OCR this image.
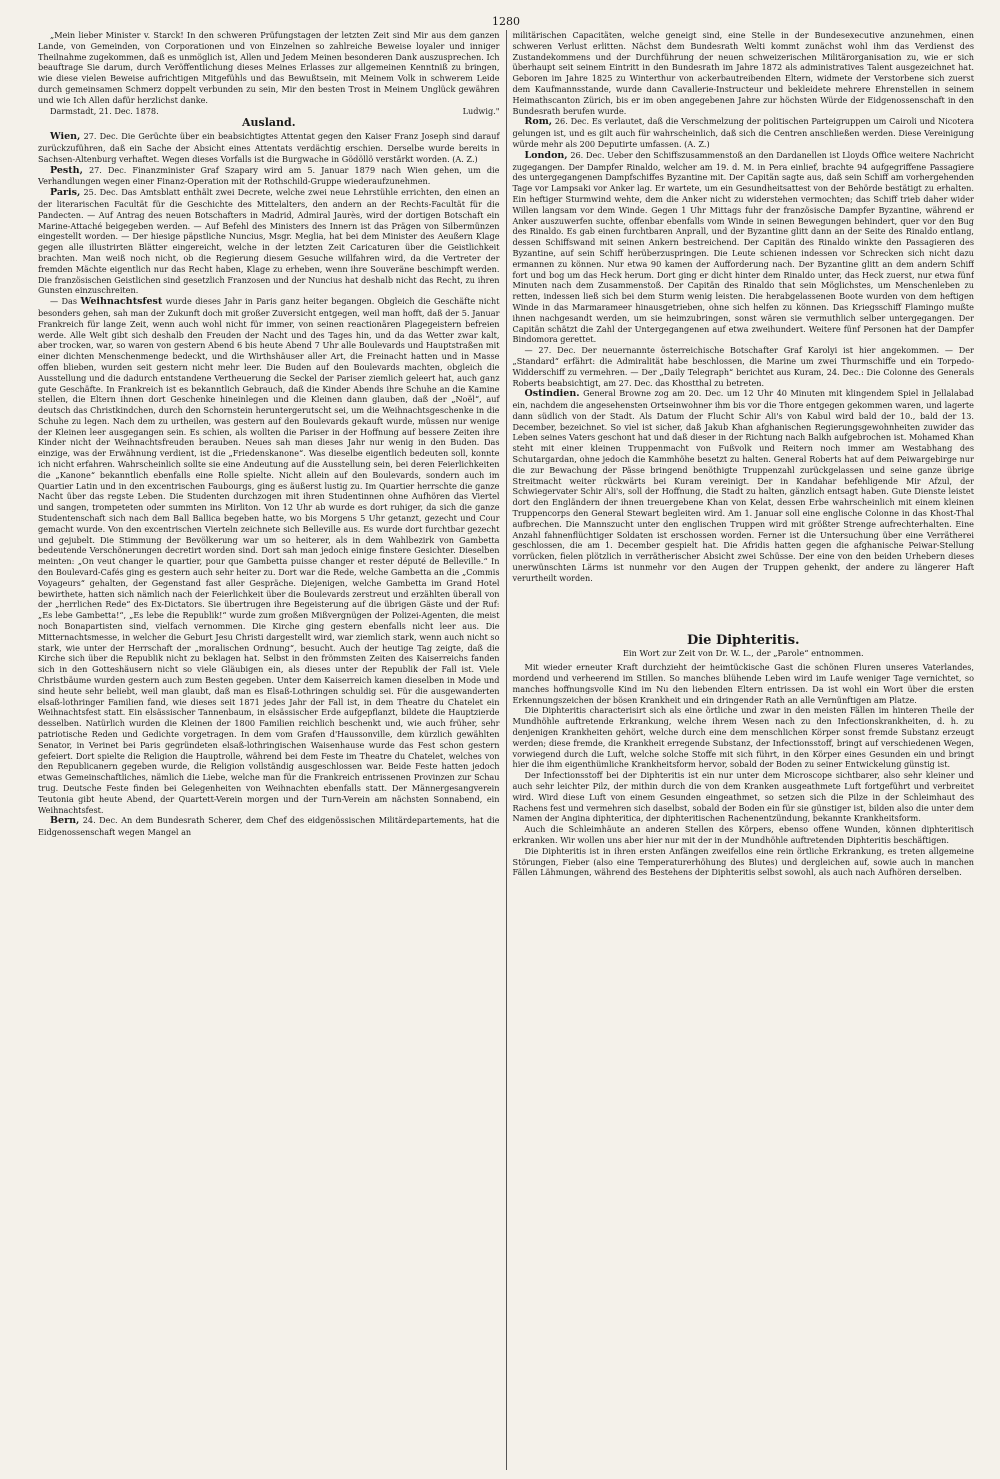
1280

„Mein lieber Minister v. Starck! In den schweren Prüfungstagen der letzten Zeit sind Mir aus dem ganzen Lande, von Gemeinden, von Corporationen und von Einzelnen so zahlreiche Beweise loyaler und inniger Theilnahme zugekommen, daß es unmöglich ist, Allen und Jedem Meinen besonderen Dank auszusprechen. Ich beauftrage Sie darum, durch Veröffentlichung dieses Meines Erlasses zur allgemeinen Kenntniß zu bringen, wie diese vielen Beweise aufrichtigen Mitgefühls und das Bewußtsein, mit Meinem Volk in schwerem Leide durch gemeinsamen Schmerz doppelt verbunden zu sein, Mir den besten Trost in Meinem Unglück gewähren und wie Ich Allen dafür herzlichst danke.

Darmstadt, 21. Dec. 1878.	Ludwig."
Ausland.

Wien, 27. Dec. Die Gerüchte über ein beabsichtigtes Attentat gegen den Kaiser Franz Joseph sind darauf zurückzuführen, daß ein Sache der Absicht eines Attentats verdächtig erschien. Derselbe wurde bereits in Sachsen-Altenburg verhaftet. Wegen dieses Vorfalls ist die Burgwache in Gödöllö verstärkt worden. (A. Z.)

Pesth, 27. Dec. Finanzminister Graf Szapary wird am 5. Januar 1879 nach Wien gehen, um die Verhandlungen wegen einer Finanz-Operation mit der Rothschild-Gruppe wiederaufzunehmen.

Paris, 25. Dec. Das Amtsblatt enthält zwei Decrete, welche zwei neue Lehrstühle errichten, den einen an der literarischen Facultät für die Geschichte des Mittelalters, den andern an der Rechts-Facultät für die Pandecten. — Auf Antrag des neuen Botschafters in Madrid, Admiral Jaurès, wird der dortigen Botschaft ein Marine-Attaché beigegeben werden. — Auf Befehl des Ministers des Innern ist das Prägen von Silbermünzen eingestellt worden. — Der hiesige päpstliche Nuncius, Msgr. Meglia, hat bei dem Minister des Aeußern Klage gegen alle illustrirten Blätter eingereicht, welche in der letzten Zeit Caricaturen über die Geistlichkeit brachten. Man weiß noch nicht, ob die Regierung diesem Gesuche willfahren wird, da die Vertreter der fremden Mächte eigentlich nur das Recht haben, Klage zu erheben, wenn ihre Souveräne beschimpft werden. Die französischen Geistlichen sind gesetzlich Franzosen und der Nuncius hat deshalb nicht das Recht, zu ihren Gunsten einzuschreiten.

— Das Weihnachtsfest wurde dieses Jahr in Paris ganz heiter begangen. Obgleich die Geschäfte nicht besonders gehen, sah man der Zukunft doch mit großer Zuversicht entgegen, weil man hofft, daß der 5. Januar Frankreich für lange Zeit, wenn auch wohl nicht für immer, von seinen reactionären Plagegeistern befreien werde. Alle Welt gibt sich deshalb den Freuden der Nacht und des Tages hin, und da das Wetter zwar kalt, aber trocken, war, so waren von gestern Abend 6 bis heute Abend 7 Uhr alle Boulevards und Hauptstraßen mit einer dichten Menschenmenge bedeckt, und die Wirthshäuser aller Art, die Freinacht hatten und in Masse offen blieben, wurden seit gestern nicht mehr leer. Die Buden auf den Boulevards machten, obgleich die Ausstellung und die dadurch entstandene Vertheuerung die Seckel der Pariser ziemlich geleert hat, auch ganz gute Geschäfte. In Frankreich ist es bekanntlich Gebrauch, daß die Kinder Abends ihre Schuhe an die Kamine stellen, die Eltern ihnen dort Geschenke hineinlegen und die Kleinen dann glauben, daß der „Noël“, auf deutsch das Christkindchen, durch den Schornstein heruntergerutscht sei, um die Weihnachtsgeschenke in die Schuhe zu legen. Nach dem zu urtheilen, was gestern auf den Boulevards gekauft wurde, müssen nur wenige der Kleinen leer ausgegangen sein. Es schien, als wollten die Pariser in der Hoffnung auf bessere Zeiten ihre Kinder nicht der Weihnachtsfreuden berauben. Neues sah man dieses Jahr nur wenig in den Buden. Das einzige, was der Erwähnung verdient, ist die „Friedenskanone“. Was dieselbe eigentlich bedeuten soll, konnte ich nicht erfahren. Wahrscheinlich sollte sie eine Andeutung auf die Ausstellung sein, bei deren Feierlichkeiten die „Kanone“ bekanntlich ebenfalls eine Rolle spielte. Nicht allein auf den Boulevards, sondern auch im Quartier Latin und in den excentrischen Faubourgs, ging es äußerst lustig zu. Im Quartier herrschte die ganze Nacht über das regste Leben. Die Studenten durchzogen mit ihren Studentinnen ohne Aufhören das Viertel und sangen, trompeteten oder summten ins Mirliton. Von 12 Uhr ab wurde es dort ruhiger, da sich die ganze Studentenschaft sich nach dem Ball Ballica begeben hatte, wo bis Morgens 5 Uhr getanzt, gezecht und Cour gemacht wurde. Von den excentrischen Vierteln zeichnete sich Belleville aus. Es wurde dort furchtbar gezecht und gejubelt. Die Stimmung der Bevölkerung war um so heiterer, als in dem Wahlbezirk von Gambetta bedeutende Verschönerungen decretirt worden sind. Dort sah man jedoch einige finstere Gesichter. Dieselben meinten: „On veut changer le quartier, pour que Gambetta puisse changer et rester député de Belleville.“ In den Boulevard-Cafés ging es gestern auch sehr heiter zu. Dort war die Rede, welche Gambetta an die „Commis Voyageurs“ gehalten, der Gegenstand fast aller Gespräche. Diejenigen, welche Gambetta im Grand Hotel bewirthete, hatten sich nämlich nach der Feierlichkeit über die Boulevards zerstreut und erzählten überall von der „herrlichen Rede“ des Ex-Dictators. Sie übertrugen ihre Begeisterung auf die übrigen Gäste und der Ruf: „Es lebe Gambetta!“, „Es lebe die Republik!“ wurde zum großen Mißvergnügen der Polizei-Agenten, die meist noch Bonapartisten sind, vielfach vernommen. Die Kirche ging gestern ebenfalls nicht leer aus. Die Mitternachtsmesse, in welcher die Geburt Jesu Christi dargestellt wird, war ziemlich stark, wenn auch nicht so stark, wie unter der Herrschaft der „moralischen Ordnung“, besucht. Auch der heutige Tag zeigte, daß die Kirche sich über die Republik nicht zu beklagen hat. Selbst in den frömmsten Zeiten des Kaiserreichs fanden sich in den Gotteshäusern nicht so viele Gläubigen ein, als dieses unter der Republik der Fall ist. Viele Christbäume wurden gestern auch zum Besten gegeben. Unter dem Kaiserreich kamen dieselben in Mode und sind heute sehr beliebt, weil man glaubt, daß man es Elsaß-Lothringen schuldig sei. Für die ausgewanderten elsaß-lothringer Familien fand, wie dieses seit 1871 jedes Jahr der Fall ist, in dem Theatre du Chatelet ein Weihnachtsfest statt. Ein elsässischer Tannenbaum, in elsässischer Erde aufgepflanzt, bildete die Hauptzierde desselben. Natürlich wurden die Kleinen der 1800 Familien reichlich beschenkt und, wie auch früher, sehr patriotische Reden und Gedichte vorgetragen. In dem vom Grafen d'Haussonville, dem kürzlich gewählten Senator, in Verinet bei Paris gegründeten elsaß-lothringischen Waisenhause wurde das Fest schon gestern gefeiert. Dort spielte die Religion die Hauptrolle, während bei dem Feste im Theatre du Chatelet, welches von den Republicanern gegeben wurde, die Religion vollständig ausgeschlossen war. Beide Feste hatten jedoch etwas Gemeinschaftliches, nämlich die Liebe, welche man für die Frankreich entrissenen Provinzen zur Schau trug. Deutsche Feste finden bei Gelegenheiten von Weihnachten ebenfalls statt. Der Männergesangverein Teutonia gibt heute Abend, der Quartett-Verein morgen und der Turn-Verein am nächsten Sonnabend, ein Weihnachtsfest.

Bern, 24. Dec. An dem Bundesrath Scherer, dem Chef des eidgenössischen Militärdepartements, hat die Eidgenossenschaft wegen Mangel an

militärischen Capacitäten, welche geneigt sind, eine Stelle in der Bundesexecutive anzunehmen, einen schweren Verlust erlitten. Nächst dem Bundesrath Welti kommt zunächst wohl ihm das Verdienst des Zustandekommens und der Durchführung der neuen schweizerischen Militärorganisation zu, wie er sich überhaupt seit seinem Eintritt in den Bundesrath im Jahre 1872 als administratives Talent ausgezeichnet hat. Geboren im Jahre 1825 zu Winterthur von ackerbautreibenden Eltern, widmete der Verstorbene sich zuerst dem Kaufmannsstande, wurde dann Cavallerie-Instructeur und bekleidete mehrere Ehrenstellen in seinem Heimathscanton Zürich, bis er im oben angegebenen Jahre zur höchsten Würde der Eidgenossenschaft in den Bundesrath berufen wurde.

Rom, 26. Dec. Es verlautet, daß die Verschmelzung der politischen Parteigruppen um Cairoli und Nicotera gelungen ist, und es gilt auch für wahrscheinlich, daß sich die Centren anschließen werden. Diese Vereinigung würde mehr als 200 Deputirte umfassen. (A. Z.)

London, 26. Dec. Ueber den Schiffszusammenstoß an den Dardanellen ist Lloyds Office weitere Nachricht zugegangen. Der Dampfer Rinaldo, welcher am 19. d. M. in Pera einlief, brachte 94 aufgegriffene Passagiere des untergegangenen Dampfschiffes Byzantine mit. Der Capitän sagte aus, daß sein Schiff am vorhergehenden Tage vor Lampsaki vor Anker lag. Er wartete, um ein Gesundheitsattest von der Behörde bestätigt zu erhalten. Ein heftiger Sturmwind wehte, dem die Anker nicht zu widerstehen vermochten; das Schiff trieb daher wider Willen langsam vor dem Winde. Gegen 1 Uhr Mittags fuhr der französische Dampfer Byzantine, während er Anker auszuwerfen suchte, offenbar ebenfalls vom Winde in seinen Bewegungen behindert, quer vor den Bug des Rinaldo. Es gab einen furchtbaren Anprall, und der Byzantine glitt dann an der Seite des Rinaldo entlang, dessen Schiffswand mit seinen Ankern bestreichend. Der Capitän des Rinaldo winkte den Passagieren des Byzantine, auf sein Schiff herüberzuspringen. Die Leute schienen indessen vor Schrecken sich nicht dazu ermannen zu können. Nur etwa 90 kamen der Aufforderung nach. Der Byzantine glitt an dem andern Schiff fort und bog um das Heck herum. Dort ging er dicht hinter dem Rinaldo unter, das Heck zuerst, nur etwa fünf Minuten nach dem Zusammenstoß. Der Capitän des Rinaldo that sein Möglichstes, um Menschenleben zu retten, indessen ließ sich bei dem Sturm wenig leisten. Die herabgelassenen Boote wurden von dem heftigen Winde in das Marmarameer hinausgetrieben, ohne sich helfen zu können. Das Kriegsschiff Flamingo mußte ihnen nachgesandt werden, um sie heimzubringen, sonst wären sie vermuthlich selber untergegangen. Der Capitän schätzt die Zahl der Untergegangenen auf etwa zweihundert. Weitere fünf Personen hat der Dampfer Bindomora gerettet.

— 27. Dec. Der neuernannte österreichische Botschafter Graf Karolyi ist hier angekommen. — Der „Standard“ erfährt: die Admiralität habe beschlossen, die Marine um zwei Thurmschiffe und ein Torpedo-Widderschiff zu vermehren. — Der „Daily Telegraph“ berichtet aus Kuram, 24. Dec.: Die Colonne des Generals Roberts beabsichtigt, am 27. Dec. das Khostthal zu betreten.

Ostindien. General Browne zog am 20. Dec. um 12 Uhr 40 Minuten mit klingendem Spiel in Jellalabad ein, nachdem die angesehensten Ortseinwohner ihm bis vor die Thore entgegen gekommen waren, und lagerte dann südlich von der Stadt. Als Datum der Flucht Schir Ali's von Kabul wird bald der 10., bald der 13. December, bezeichnet. So viel ist sicher, daß Jakub Khan afghanischen Regierungsgewohnheiten zuwider das Leben seines Vaters geschont hat und daß dieser in der Richtung nach Balkh aufgebrochen ist. Mohamed Khan steht mit einer kleinen Truppenmacht von Fußvolk und Reitern noch immer am Westabhang des Schutargardan, ohne jedoch die Kammhöhe besetzt zu halten. General Roberts hat auf dem Peiwargebirge nur die zur Bewachung der Pässe bringend benöthigte Truppenzahl zurückgelassen und seine ganze übrige Streitmacht weiter rückwärts bei Kuram vereinigt. Der in Kandahar befehligende Mir Afzul, der Schwiegervater Schir Ali's, soll der Hoffnung, die Stadt zu halten, gänzlich entsagt haben. Gute Dienste leistet dort den Engländern der ihnen treuergebene Khan von Kelat, dessen Erbe wahrscheinlich mit einem kleinen Truppencorps den General Stewart begleiten wird. Am 1. Januar soll eine englische Colonne in das Khost-Thal aufbrechen. Die Mannszucht unter den englischen Truppen wird mit größter Strenge aufrechterhalten. Eine Anzahl fahnenflüchtiger Soldaten ist erschossen worden. Ferner ist die Untersuchung über eine Verrätherei geschlossen, die am 1. December gespielt hat. Die Afridis hatten gegen die afghanische Peiwar-Stellung vorrücken, fielen plötzlich in verrätherischer Absicht zwei Schüsse. Der eine von den beiden Urhebern dieses unerwünschten Lärms ist nunmehr vor den Augen der Truppen gehenkt, der andere zu längerer Haft verurtheilt worden.

Die Diphteritis.
Ein Wort zur Zeit von Dr. W. L., der „Parole“ entnommen.

Mit wieder erneuter Kraft durchzieht der heimtückische Gast die schönen Fluren unseres Vaterlandes, mordend und verheerend im Stillen. So manches blühende Leben wird im Laufe weniger Tage vernichtet, so manches hoffnungsvolle Kind im Nu den liebenden Eltern entrissen. Da ist wohl ein Wort über die ersten Erkennungszeichen der bösen Krankheit und ein dringender Rath an alle Vernünftigen am Platze.

Die Diphteritis characterisirt sich als eine örtliche und zwar in den meisten Fällen im hinteren Theile der Mundhöhle auftretende Erkrankung, welche ihrem Wesen nach zu den Infectionskrankheiten, d. h. zu denjenigen Krankheiten gehört, welche durch eine dem menschlichen Körper sonst fremde Substanz erzeugt werden; diese fremde, die Krankheit erregende Substanz, der Infectionsstoff, bringt auf verschiedenen Wegen, vorwiegend durch die Luft, welche solche Stoffe mit sich führt, in den Körper eines Gesunden ein und bringt hier die ihm eigenthümliche Krankheitsform hervor, sobald der Boden zu seiner Entwickelung günstig ist.

Der Infectionsstoff bei der Diphteritis ist ein nur unter dem Microscope sichtbarer, also sehr kleiner und auch sehr leichter Pilz, der mithin durch die von dem Kranken ausgeathmete Luft fortgeführt und verbreitet wird. Wird diese Luft von einem Gesunden eingeathmet, so setzen sich die Pilze in der Schleimhaut des Rachens fest und vermehren sich daselbst, sobald der Boden ein für sie günstiger ist, bilden also die unter dem Namen der Angina diphteritica, der diphteritischen Rachenentzündung, bekannte Krankheitsform.

Auch die Schleimhäute an anderen Stellen des Körpers, ebenso offene Wunden, können diphteritisch erkranken. Wir wollen uns aber hier nur mit der in der Mundhöhle auftretenden Diphteritis beschäftigen.

Die Diphteritis ist in ihren ersten Anfängen zweifellos eine rein örtliche Erkrankung, es treten allgemeine Störungen, Fieber (also eine Temperaturerhöhung des Blutes) und dergleichen auf, sowie auch in manchen Fällen Lähmungen, während des Bestehens der Diphteritis selbst sowohl, als auch nach Aufhören derselben.
